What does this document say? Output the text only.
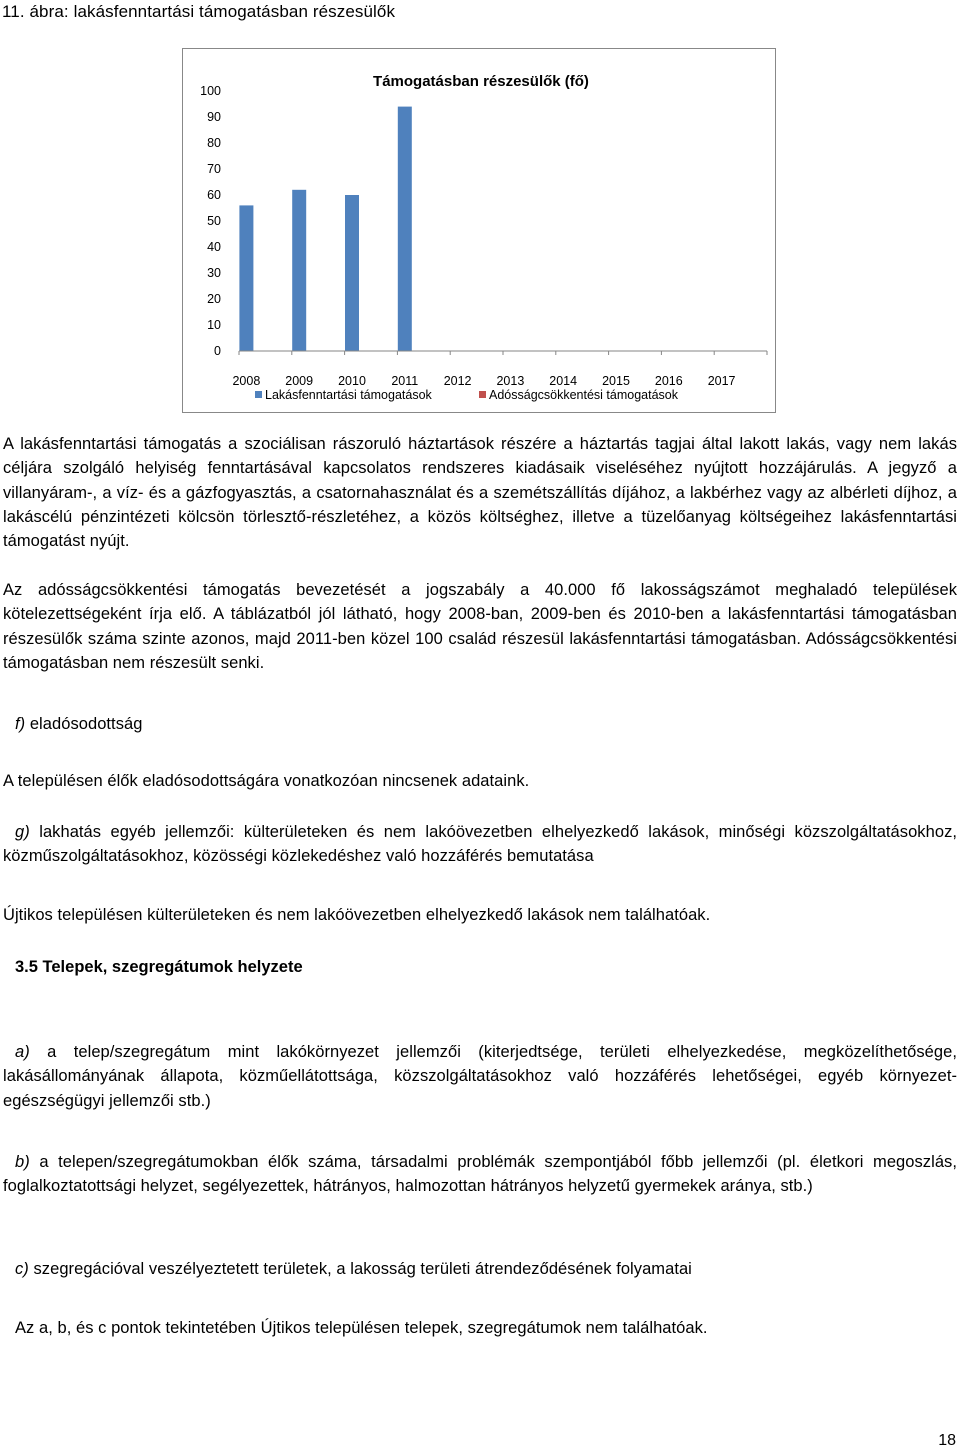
11. ábra: lakásfenntartási támogatásban részesülők
Támogatásban részesülők (fő)
0
10
20
30
40
50
60
70
80
90
100
2008 2009 2010 2011 2012 2013 2014 2015 2016 2017
Lakásfenntartási támogatások	Adósságcsökkentési támogatások
A lakásfenntartási támogatás a szociálisan rászoruló háztartások részére a háztartás tagjai által lakott lakás, vagy nem lakás céljára szolgáló helyiség fenntartásával kapcsolatos rendszeres kiadásaik viseléséhez nyújtott hozzájárulás. A jegyző a villanyáram-, a víz- és a gázfogyasztás, a csatornahasználat és a szemétszállítás díjához, a lakbérhez vagy az albérleti díjhoz, a lakáscélú pénzintézeti kölcsön törlesztő-részletéhez, a közös költséghez, illetve a tüzelőanyag költségeihez lakásfenntartási támogatást nyújt.
Az adósságcsökkentési támogatás bevezetését a jogszabály a 40.000 fő lakosságszámot meghaladó települések kötelezettségeként írja elő. A táblázatból jól látható, hogy 2008-ban, 2009-ben és 2010-ben a lakásfenntartási támogatásban részesülők száma szinte azonos, majd 2011-ben közel 100 család részesül lakásfenntartási támogatásban. Adósságcsökkentési támogatásban nem részesült senki.
f) eladósodottság
A településen élők eladósodottságára vonatkozóan nincsenek adataink.
g) lakhatás egyéb jellemzői: külterületeken és nem lakóövezetben elhelyezkedő lakások, minőségi közszolgáltatásokhoz, közműszolgáltatásokhoz, közösségi közlekedéshez való hozzáférés bemutatása
Újtikos településen külterületeken és nem lakóövezetben elhelyezkedő lakások nem találhatóak.
3.5 Telepek, szegregátumok helyzete
a) a telep/szegregátum mint lakókörnyezet jellemzői (kiterjedtsége, területi elhelyezkedése, megközelíthetősége, lakásállományának állapota, közműellátottsága, közszolgáltatásokhoz való hozzáférés lehetőségei, egyéb környezet-egészségügyi jellemzői stb.)
b) a telepen/szegregátumokban élők száma, társadalmi problémák szempontjából főbb jellemzői (pl. életkori megoszlás, foglalkoztatottsági helyzet, segélyezettek, hátrányos, halmozottan hátrányos helyzetű gyermekek aránya, stb.)
c) szegregációval veszélyeztetett területek, a lakosság területi átrendeződésének folyamatai
Az a, b, és c pontok tekintetében Újtikos településen telepek, szegregátumok nem találhatóak.
18
